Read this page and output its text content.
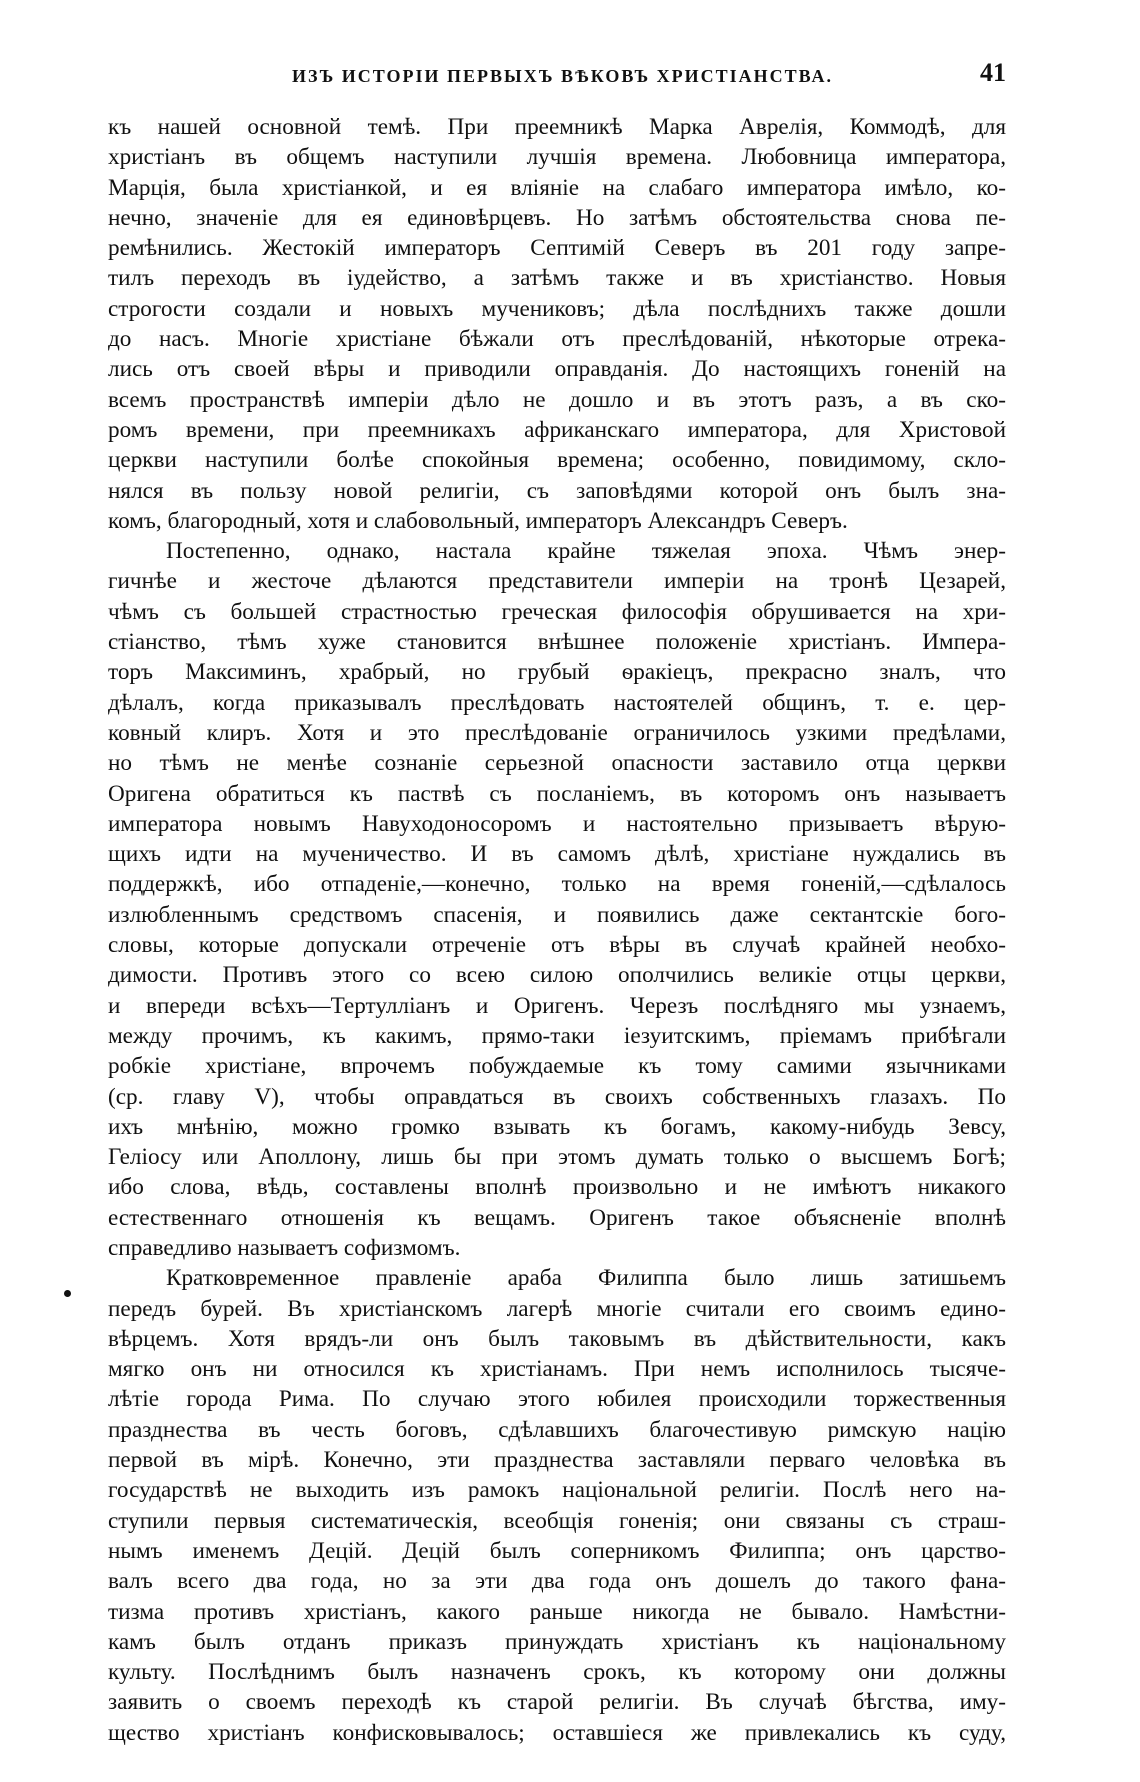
ИЗЪ ИСТОРІИ ПЕРВЫХЪ ВѢКОВЪ ХРИСТІАНСТВА.	41
къ нашей основной темѣ. При преемникѣ Марка Аврелія, Коммодѣ, для
христіанъ въ общемъ наступили лучшія времена. Любовница императора,
Марція, была христіанкой, и ея вліяніе на слабаго императора имѣло, ко-
нечно, значеніе для ея единовѣрцевъ. Но затѣмъ обстоятельства снова пе-
ремѣнились. Жестокій императоръ Септимій Северъ въ 201 году запре-
тилъ переходъ въ іудейство, а затѣмъ также и въ христіанство. Новыя
строгости создали и новыхъ мучениковъ; дѣла послѣднихъ также дошли
до насъ. Многіе христіане бѣжали отъ преслѣдованій, нѣкоторые отрека-
лись отъ своей вѣры и приводили оправданія. До настоящихъ гоненій на
всемъ пространствѣ имперіи дѣло не дошло и въ этотъ разъ, а въ ско-
ромъ времени, при преемникахъ африканскаго императора, для Христовой
церкви наступили болѣе спокойныя времена; особенно, повидимому, скло-
нялся въ пользу новой религіи, съ заповѣдями которой онъ былъ зна-
комъ, благородный, хотя и слабовольный, императоръ Александръ Северъ.
Постепенно, однако, настала крайне тяжелая эпоха. Чѣмъ энер-
гичнѣе и жесточе дѣлаются представители имперіи на тронѣ Цезарей,
чѣмъ съ большей страстностью греческая философія обрушивается на хри-
стіанство, тѣмъ хуже становится внѣшнее положеніе христіанъ. Импера-
торъ Максиминъ, храбрый, но грубый ѳракіецъ, прекрасно зналъ, что
дѣлалъ, когда приказывалъ преслѣдовать настоятелей общинъ, т. е. цер-
ковный клиръ. Хотя и это преслѣдованіе ограничилось узкими предѣлами,
но тѣмъ не менѣе сознаніе серьезной опасности заставило отца церкви
Оригена обратиться къ паствѣ съ посланіемъ, въ которомъ онъ называетъ
императора новымъ Навуходоносоромъ и настоятельно призываетъ вѣрую-
щихъ идти на мученичество. И въ самомъ дѣлѣ, христіане нуждались въ
поддержкѣ, ибо отпаденіе,—конечно, только на время гоненій,—сдѣлалось
излюбленнымъ средствомъ спасенія, и появились даже сектантскіе бого-
словы, которые допускали отреченіе отъ вѣры въ случаѣ крайней необхо-
димости. Противъ этого со всею силою ополчились великіе отцы церкви,
и впереди всѣхъ—Тертулліанъ и Оригенъ. Черезъ послѣдняго мы узнаемъ,
между прочимъ, къ какимъ, прямо-таки іезуитскимъ, пріемамъ прибѣгали
робкіе христіане, впрочемъ побуждаемые къ тому самими язычниками
(ср. главу V), чтобы оправдаться въ своихъ собственныхъ глазахъ. По
ихъ мнѣнію, можно громко взывать къ богамъ, какому-нибудь Зевсу,
Геліосу или Аполлону, лишь бы при этомъ думать только о высшемъ Богѣ;
ибо слова, вѣдь, составлены вполнѣ произвольно и не имѣютъ никакого
естественнаго отношенія къ вещамъ. Оригенъ такое объясненіе вполнѣ
справедливо называетъ софизмомъ.
Кратковременное правленіе араба Филиппа было лишь затишьемъ
передъ бурей. Въ христіанскомъ лагерѣ многіе считали его своимъ едино-
вѣрцемъ. Хотя врядъ-ли онъ былъ таковымъ въ дѣйствительности, какъ
мягко онъ ни относился къ христіанамъ. При немъ исполнилось тысяче-
лѣтіе города Рима. По случаю этого юбилея происходили торжественныя
празднества въ честь боговъ, сдѣлавшихъ благочестивую римскую націю
первой въ мірѣ. Конечно, эти празднества заставляли перваго человѣка въ
государствѣ не выходить изъ рамокъ національной религіи. Послѣ него на-
ступили первыя систематическія, всеобщія гоненія; они связаны съ страш-
нымъ именемъ Децій. Децій былъ соперникомъ Филиппа; онъ царство-
валъ всего два года, но за эти два года онъ дошелъ до такого фана-
тизма противъ христіанъ, какого раньше никогда не бывало. Намѣстни-
камъ былъ отданъ приказъ принуждать христіанъ къ національному
культу. Послѣднимъ былъ назначенъ срокъ, къ которому они должны
заявить о своемъ переходѣ къ старой религіи. Въ случаѣ бѣгства, иму-
щество христіанъ конфисковывалось; оставшіеся же привлекались къ суду,
